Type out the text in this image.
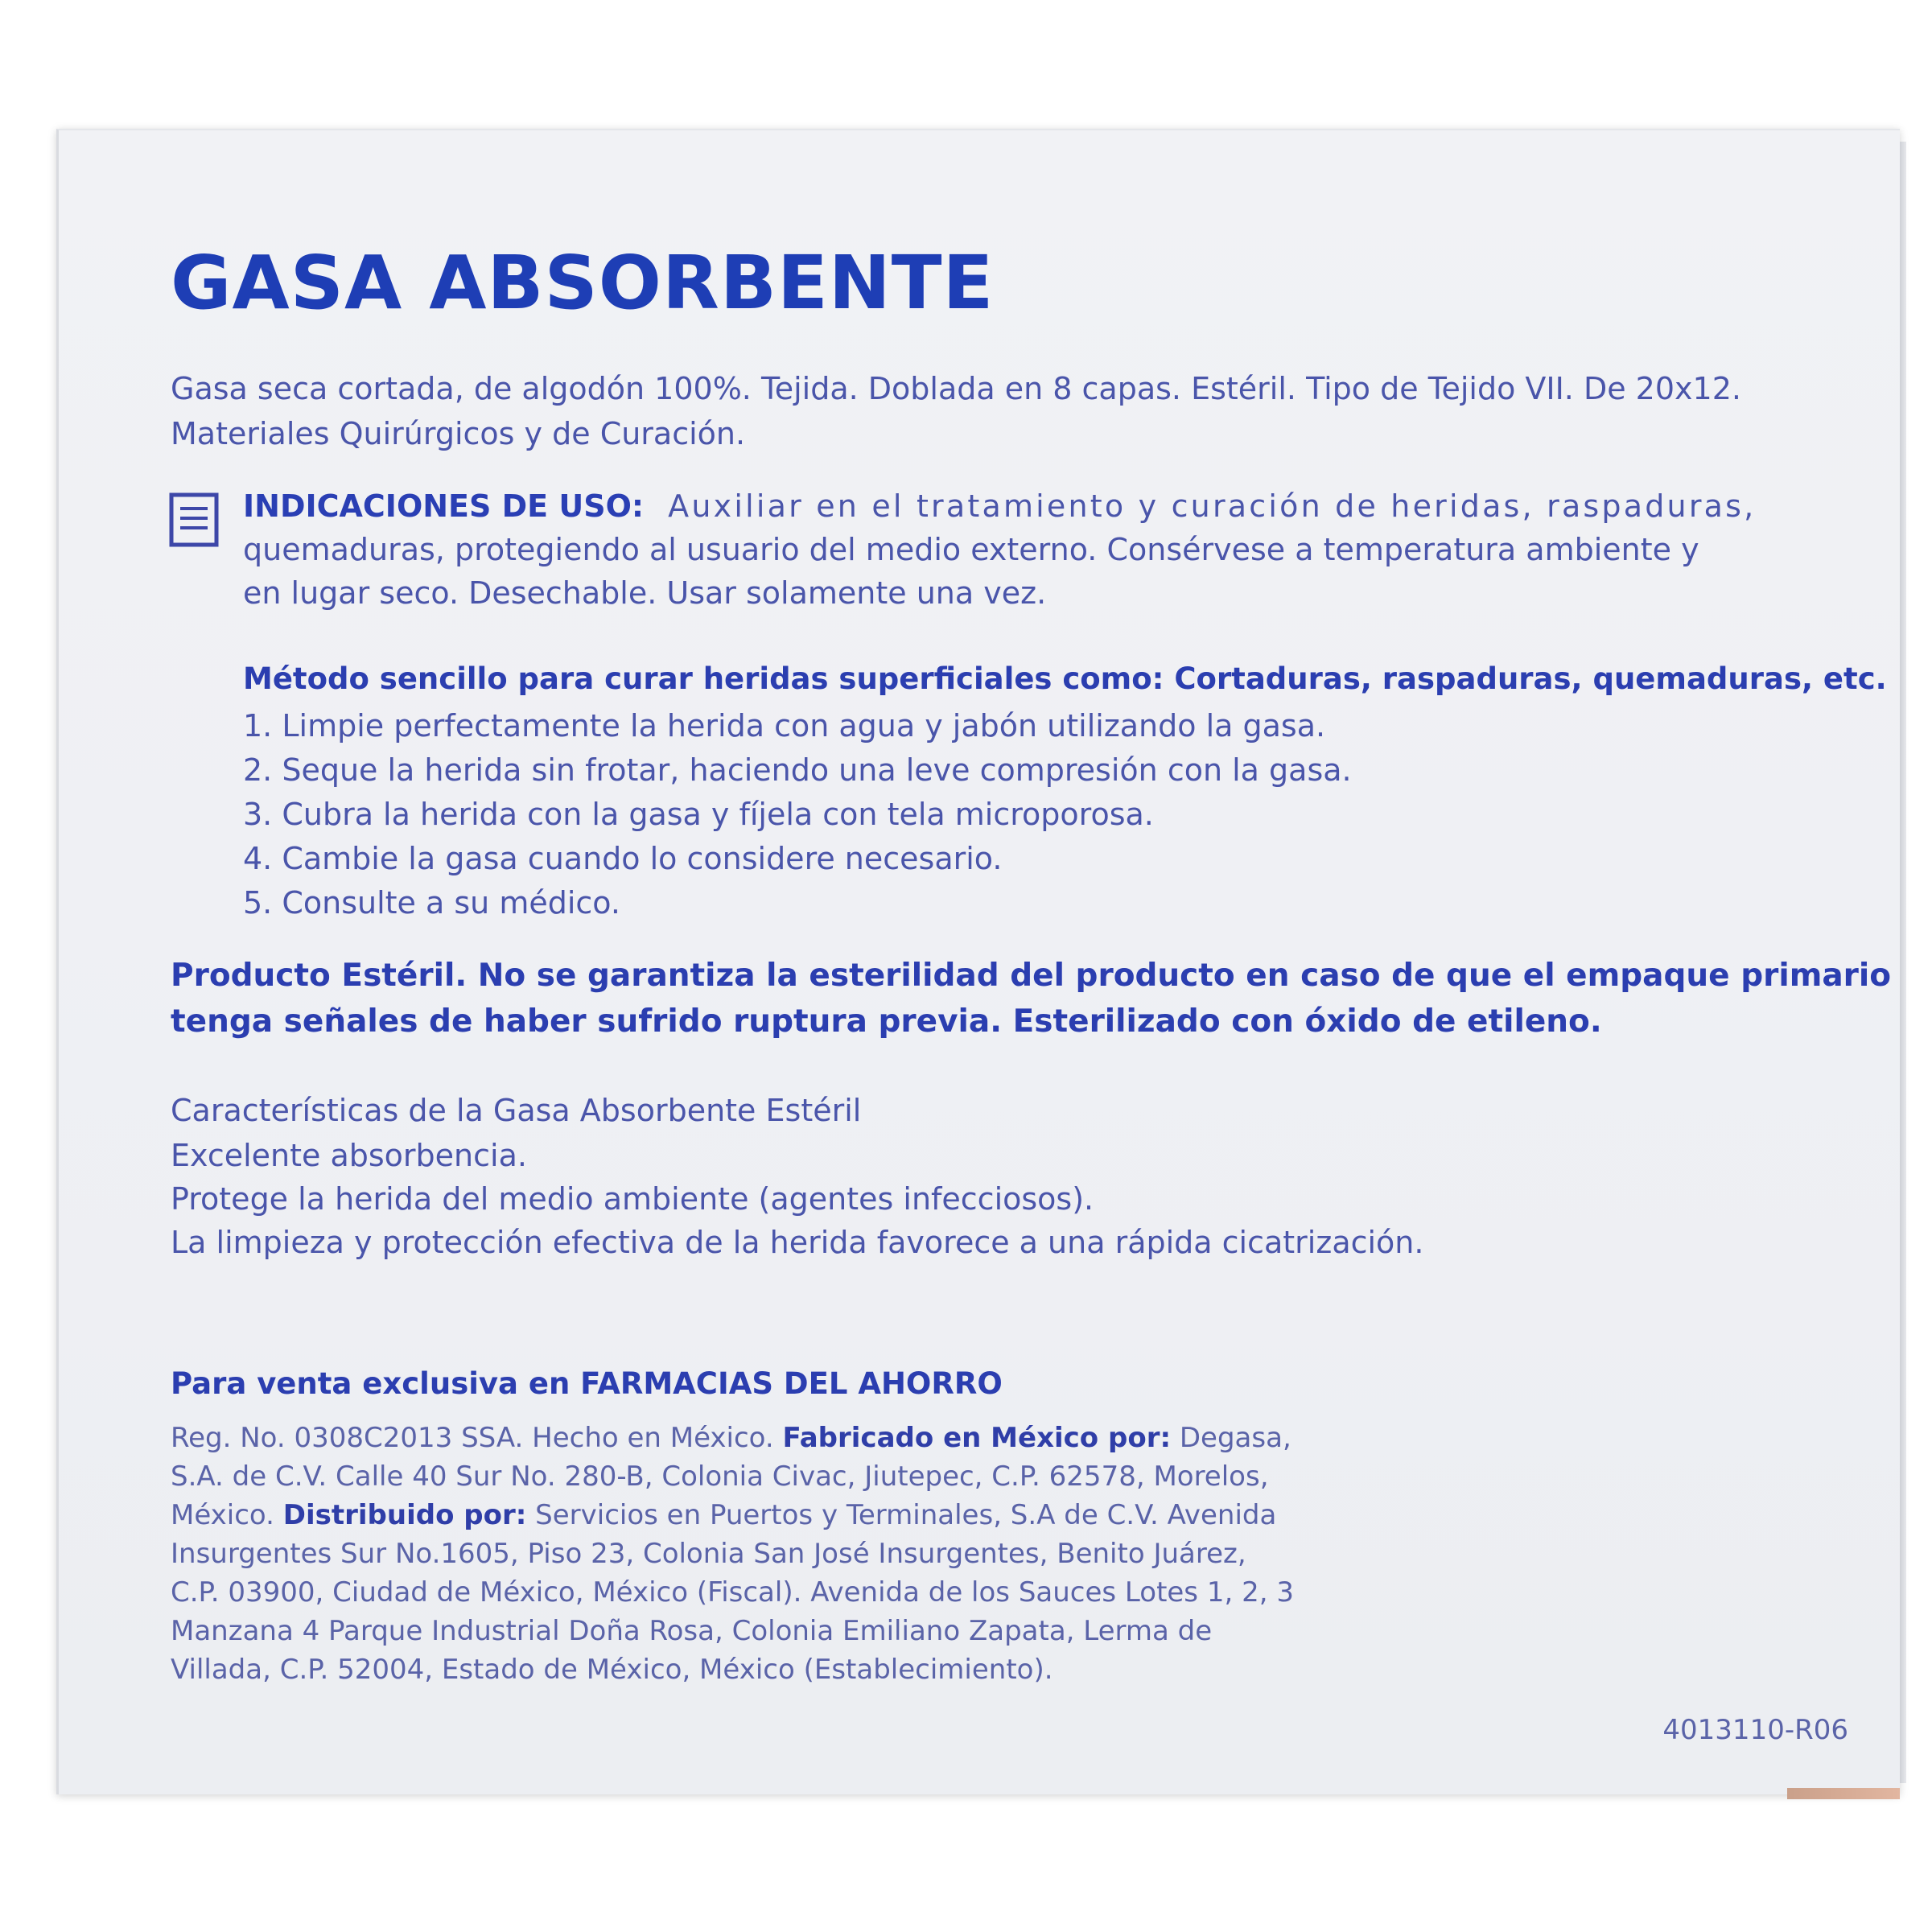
GASA ABSORBENTE

Gasa seca cortada, de algodón 100%. Tejida. Doblada en 8 capas. Estéril. Tipo de Tejido VII. De 20x12.

Materiales Quirúrgicos y de Curación.

INDICACIONES DE USO: Auxiliar en el tratamiento y curación de heridas, raspaduras,

quemaduras, protegiendo al usuario del medio externo. Consérvese a temperatura ambiente y

en lugar seco. Desechable. Usar solamente una vez.

Método sencillo para curar heridas superficiales como: Cortaduras, raspaduras, quemaduras, etc.

1. Limpie perfectamente la herida con agua y jabón utilizando la gasa.

2. Seque la herida sin frotar, haciendo una leve compresión con la gasa.

3. Cubra la herida con la gasa y fíjela con tela microporosa.

4. Cambie la gasa cuando lo considere necesario.

5. Consulte a su médico.

Producto Estéril. No se garantiza la esterilidad del producto en caso de que el empaque primario

tenga señales de haber sufrido ruptura previa. Esterilizado con óxido de etileno.

Características de la Gasa Absorbente Estéril

Excelente absorbencia.

Protege la herida del medio ambiente (agentes infecciosos).

La limpieza y protección efectiva de la herida favorece a una rápida cicatrización.

Para venta exclusiva en FARMACIAS DEL AHORRO

Reg. No. 0308C2013 SSA. Hecho en México. Fabricado en México por: Degasa,

S.A. de C.V. Calle 40 Sur No. 280-B, Colonia Civac, Jiutepec, C.P. 62578, Morelos,

México. Distribuido por: Servicios en Puertos y Terminales, S.A de C.V. Avenida

Insurgentes Sur No.1605, Piso 23, Colonia San José Insurgentes, Benito Juárez,

C.P. 03900, Ciudad de México, México (Fiscal). Avenida de los Sauces Lotes 1, 2, 3

Manzana 4 Parque Industrial Doña Rosa, Colonia Emiliano Zapata, Lerma de

Villada, C.P. 52004, Estado de México, México (Establecimiento).

4013110-R06
